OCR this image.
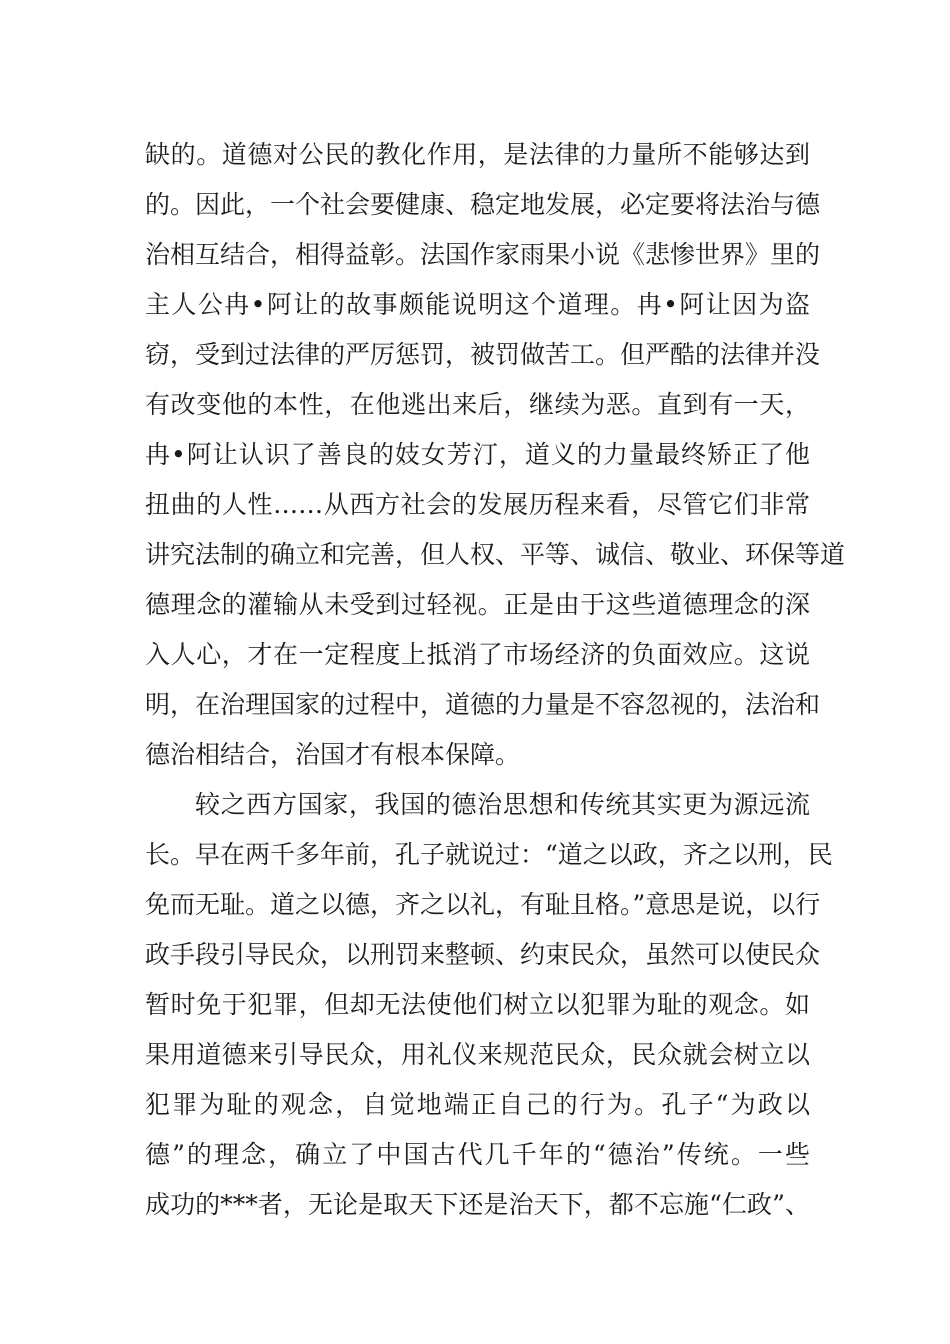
缺的。道德对公民的教化作用，是法律的力量所不能够达到
的。因此，一个社会要健康、稳定地发展，必定要将法治与德
治相互结合，相得益彰。法国作家雨果小说《悲惨世界》里的
主人公冉•阿让的故事颇能说明这个道理。冉•阿让因为盗
窃，受到过法律的严厉惩罚，被罚做苦工。但严酷的法律并没
有改变他的本性，在他逃出来后，继续为恶。直到有一天，
冉•阿让认识了善良的妓女芳汀，道义的力量最终矫正了他
扭曲的人性……从西方社会的发展历程来看，尽管它们非常
讲究法制的确立和完善，但人权、平等、诚信、敬业、环保等道
德理念的灌输从未受到过轻视。正是由于这些道德理念的深
入人心，才在一定程度上抵消了市场经济的负面效应。这说
明，在治理国家的过程中，道德的力量是不容忽视的，法治和
德治相结合，治国才有根本保障。
较之西方国家，我国的德治思想和传统其实更为源远流
长。早在两千多年前，孔子就说过：“道之以政，齐之以刑，民
免而无耻。道之以德，齐之以礼，有耻且格。”意思是说，以行
政手段引导民众，以刑罚来整顿、约束民众，虽然可以使民众
暂时免于犯罪，但却无法使他们树立以犯罪为耻的观念。如
果用道德来引导民众，用礼仪来规范民众，民众就会树立以
犯罪为耻的观念，自觉地端正自己的行为。孔子“为政以
德”的理念，确立了中国古代几千年的“德治”传统。一些
成功的***者，无论是取天下还是治天下，都不忘施“仁政”、
